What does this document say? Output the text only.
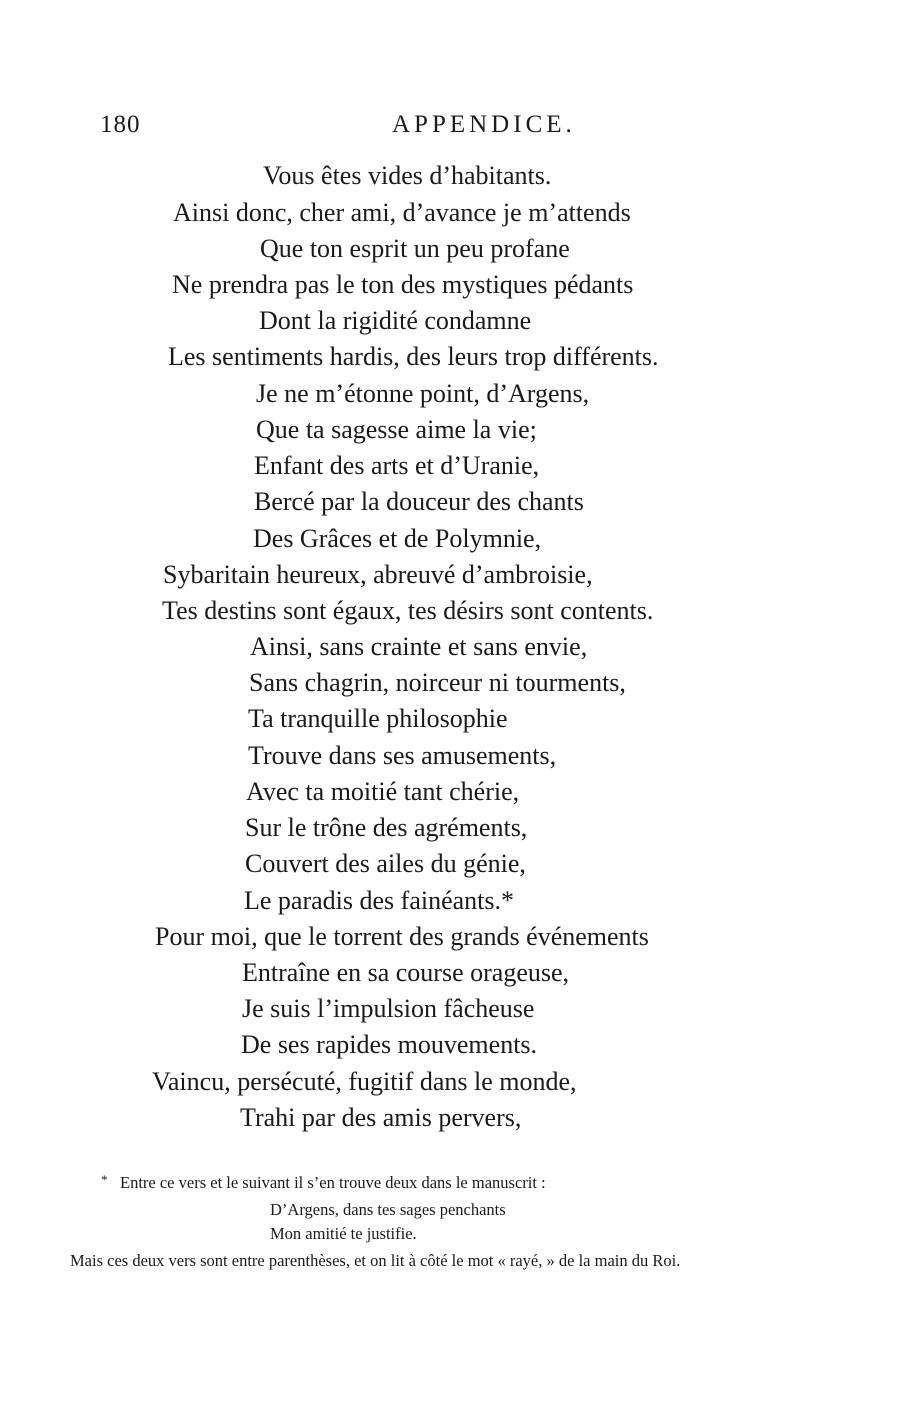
180	APPENDICE.
Vous êtes vides d’habitants.
Ainsi donc, cher ami, d’avance je m’attends
Que ton esprit un peu profane
Ne prendra pas le ton des mystiques pédants
Dont la rigidité condamne
Les sentiments hardis, des leurs trop différents.
Je ne m’étonne point, d’Argens,
Que ta sagesse aime la vie;
Enfant des arts et d’Uranie,
Bercé par la douceur des chants
Des Grâces et de Polymnie,
Sybaritain heureux, abreuvé d’ambroisie,
Tes destins sont égaux, tes désirs sont contents.
Ainsi, sans crainte et sans envie,
Sans chagrin, noirceur ni tourments,
Ta tranquille philosophie
Trouve dans ses amusements,
Avec ta moitié tant chérie,
Sur le trône des agréments,
Couvert des ailes du génie,
Le paradis des fainéants.*
Pour moi, que le torrent des grands événements
Entraîne en sa course orageuse,
Je suis l’impulsion fâcheuse
De ses rapides mouvements.
Vaincu, persécuté, fugitif dans le monde,
Trahi par des amis pervers,
* Entre ce vers et le suivant il s’en trouve deux dans le manuscrit :
D’Argens, dans tes sages penchants
Mon amitié te justifie.
Mais ces deux vers sont entre parenthèses, et on lit à côté le mot « rayé, » de la main du Roi.
